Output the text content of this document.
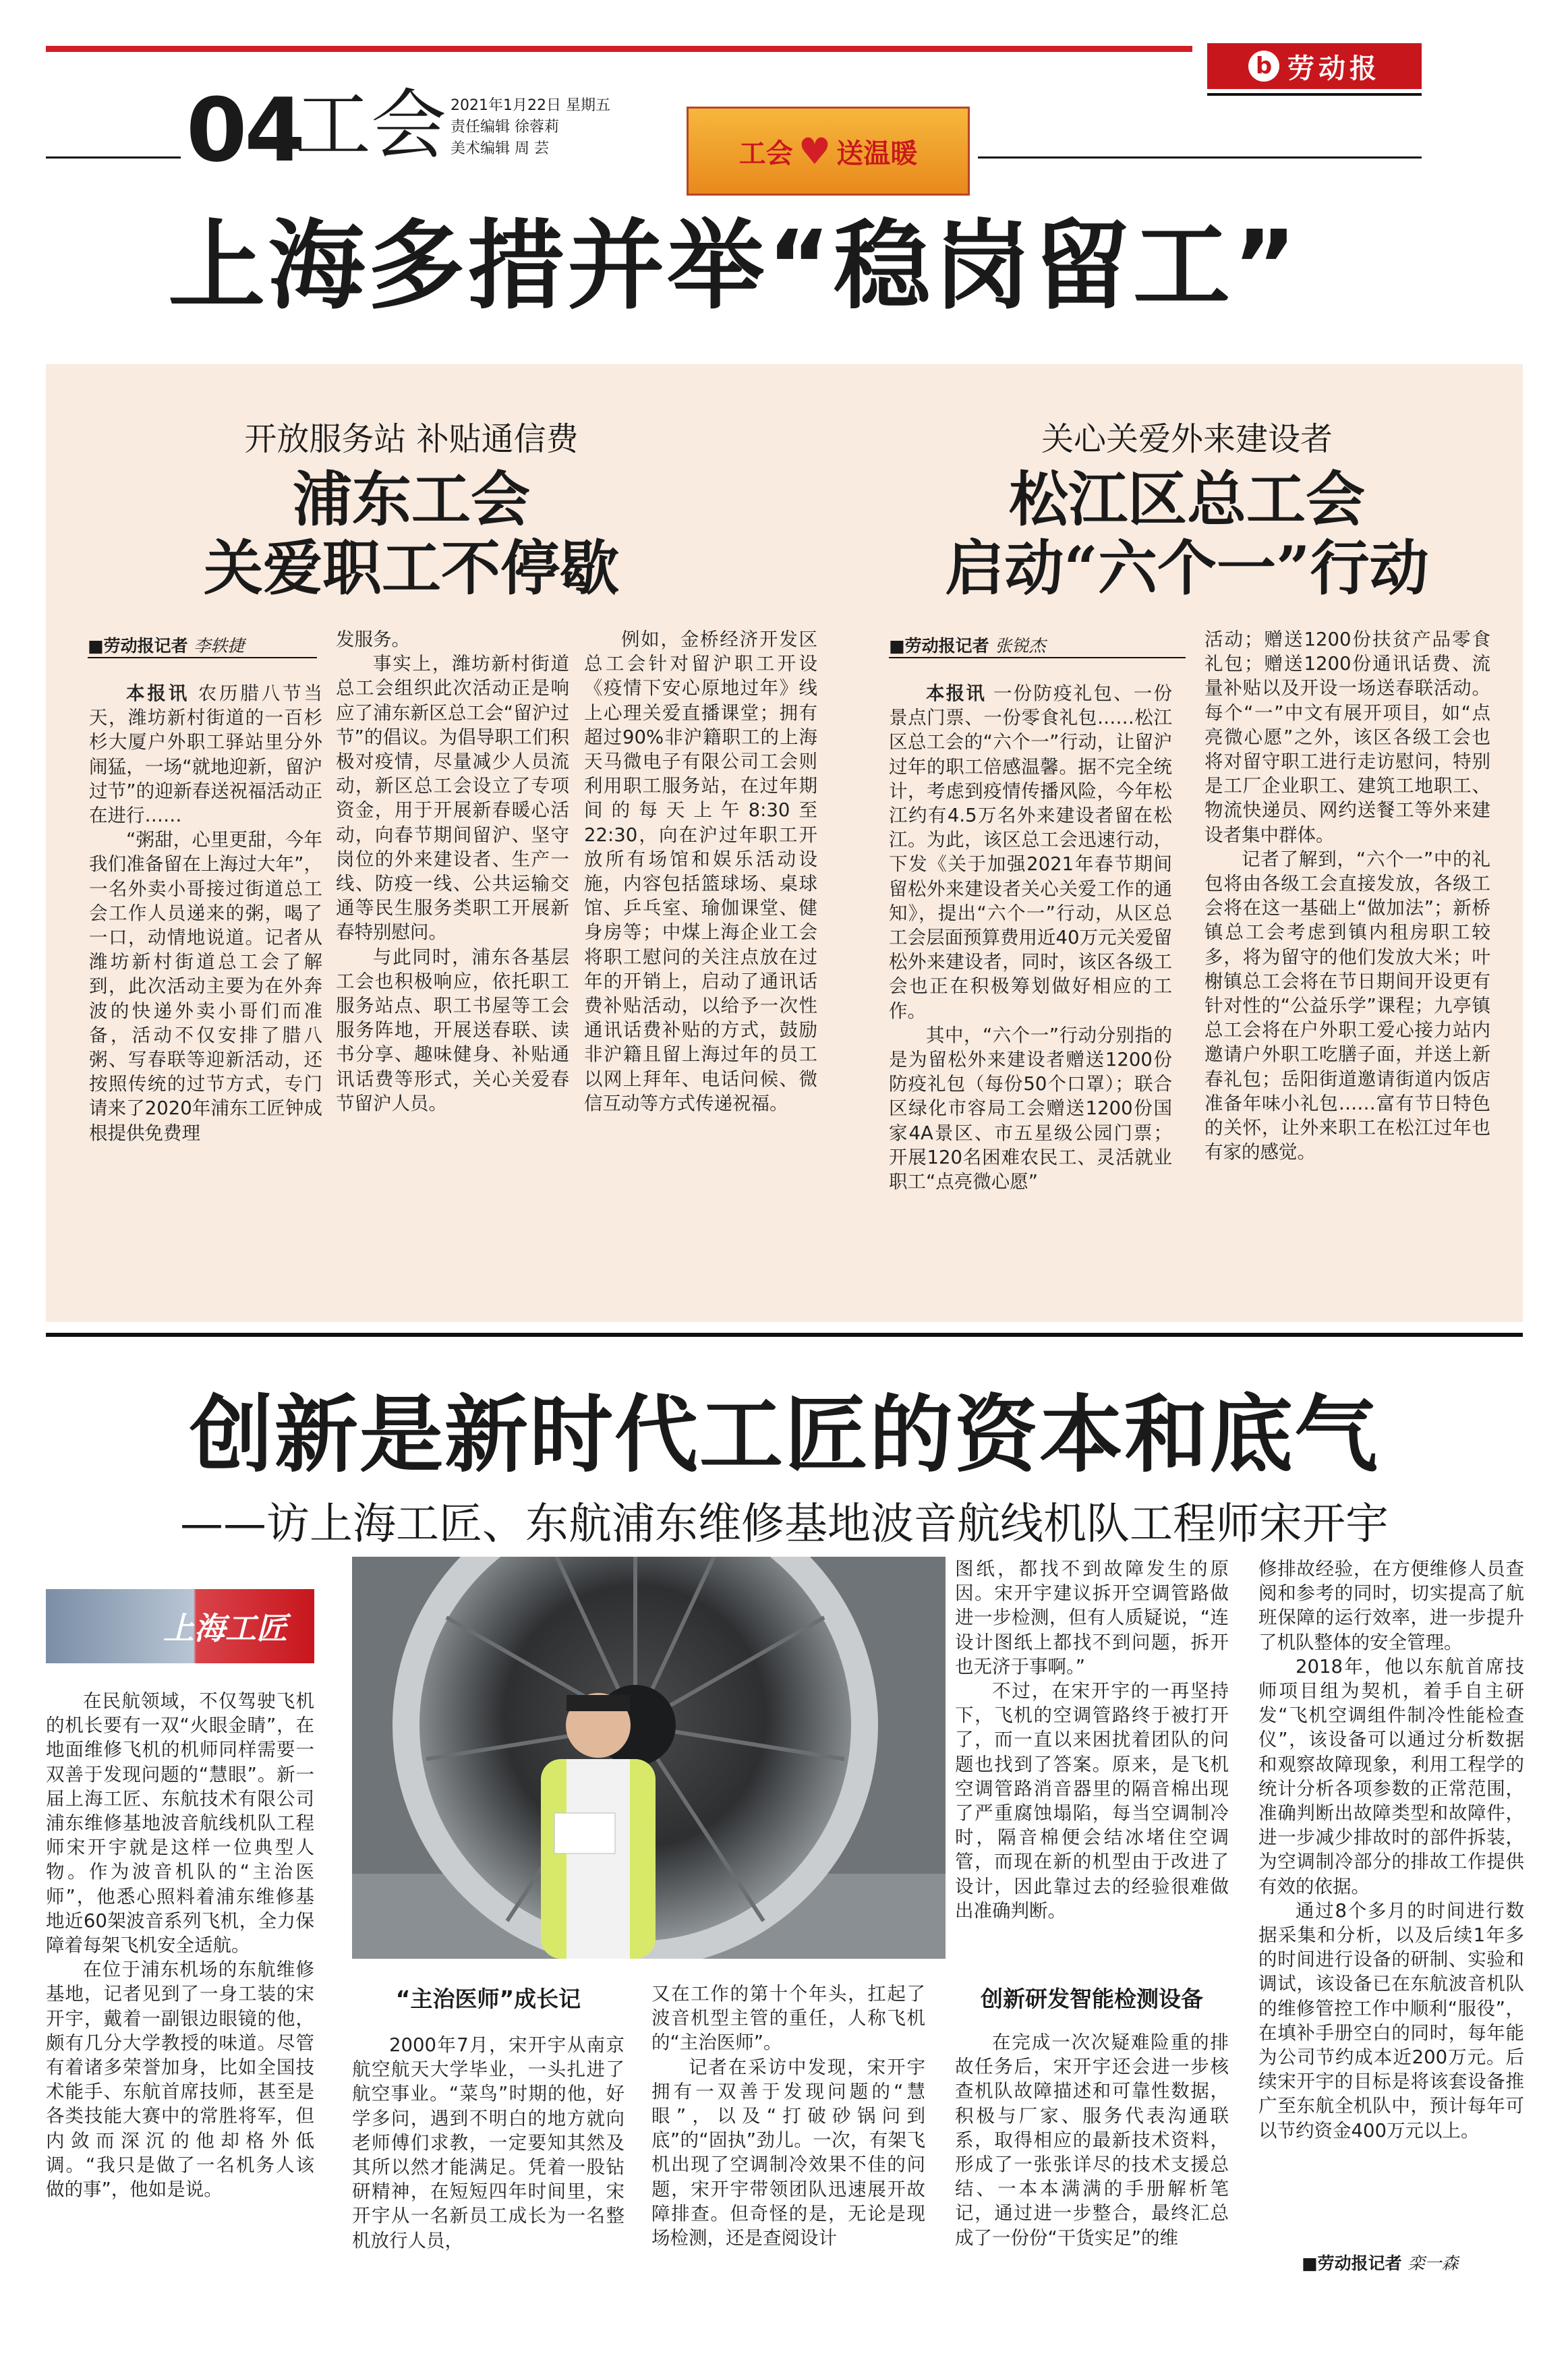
b 劳动报
04
工会 2021年1月22日 星期五
责任编辑 徐蓉莉
美术编辑 周 芸	工会 ♥ 送温暖
上海多措并举“稳岗留工”
开放服务站 补贴通信费
浦东工会
关爱职工不停歇
■劳动报记者 李轶捷

本报讯 农历腊八节当天，潍坊新村街道的一百杉杉大厦户外职工驿站里分外闹猛，一场“就地迎新，留沪过节”的迎新春送祝福活动正在进行……

“粥甜，心里更甜，今年我们准备留在上海过大年”，一名外卖小哥接过街道总工会工作人员递来的粥，喝了一口，动情地说道。记者从潍坊新村街道总工会了解到，此次活动主要为在外奔波的快递外卖小哥们而准备，活动不仅安排了腊八粥、写春联等迎新活动，还按照传统的过节方式，专门请来了2020年浦东工匠钟成根提供免费理

发服务。

事实上，潍坊新村街道总工会组织此次活动正是响应了浦东新区总工会“留沪过节”的倡议。为倡导职工们积极对疫情，尽量减少人员流动，新区总工会设立了专项资金，用于开展新春暖心活动，向春节期间留沪、坚守岗位的外来建设者、生产一线、防疫一线、公共运输交通等民生服务类职工开展新春特别慰问。

与此同时，浦东各基层工会也积极响应，依托职工服务站点、职工书屋等工会服务阵地，开展送春联、读书分享、趣味健身、补贴通讯话费等形式，关心关爱春节留沪人员。

例如，金桥经济开发区总工会针对留沪职工开设《疫情下安心原地过年》线上心理关爱直播课堂；拥有超过90%非沪籍职工的上海天马微电子有限公司工会则利用职工服务站，在过年期间的每天上午8:30至22:30，向在沪过年职工开放所有场馆和娱乐活动设施，内容包括篮球场、桌球馆、乒乓室、瑜伽课堂、健身房等；中煤上海企业工会将职工慰问的关注点放在过年的开销上，启动了通讯话费补贴活动，以给予一次性通讯话费补贴的方式，鼓励非沪籍且留上海过年的员工以网上拜年、电话问候、微信互动等方式传递祝福。

关心关爱外来建设者
松江区总工会
启动“六个一”行动
■劳动报记者 张锐杰

本报讯 一份防疫礼包、一份景点门票、一份零食礼包……松江区总工会的“六个一”行动，让留沪过年的职工倍感温馨。据不完全统计，考虑到疫情传播风险，今年松江约有4.5万名外来建设者留在松江。为此，该区总工会迅速行动，下发《关于加强2021年春节期间留松外来建设者关心关爱工作的通知》，提出“六个一”行动，从区总工会层面预算费用近40万元关爱留松外来建设者，同时，该区各级工会也正在积极筹划做好相应的工作。

其中，“六个一”行动分别指的是为留松外来建设者赠送1200份防疫礼包（每份50个口罩）；联合区绿化市容局工会赠送1200份国家4A景区、市五星级公园门票；开展120名困难农民工、灵活就业职工“点亮微心愿”

活动；赠送1200份扶贫产品零食礼包；赠送1200份通讯话费、流量补贴以及开设一场送春联活动。每个“一”中文有展开项目，如“点亮微心愿”之外，该区各级工会也将对留守职工进行走访慰问，特别是工厂企业职工、建筑工地职工、物流快递员、网约送餐工等外来建设者集中群体。

记者了解到，“六个一”中的礼包将由各级工会直接发放，各级工会将在这一基础上“做加法”；新桥镇总工会考虑到镇内租房职工较多，将为留守的他们发放大米；叶榭镇总工会将在节日期间开设更有针对性的“公益乐学”课程；九亭镇总工会将在户外职工爱心接力站内邀请户外职工吃膳子面，并送上新春礼包；岳阳街道邀请街道内饭店准备年味小礼包……富有节日特色的关怀，让外来职工在松江过年也有家的感觉。

创新是新时代工匠的资本和底气
——访上海工匠、东航浦东维修基地波音航线机队工程师宋开宇
上海工匠

在民航领域，不仅驾驶飞机的机长要有一双“火眼金睛”，在地面维修飞机的机师同样需要一双善于发现问题的“慧眼”。新一届上海工匠、东航技术有限公司浦东维修基地波音航线机队工程师宋开宇就是这样一位典型人物。作为波音机队的“主治医师”，他悉心照料着浦东维修基地近60架波音系列飞机，全力保障着每架飞机安全适航。

在位于浦东机场的东航维修基地，记者见到了一身工装的宋开宇，戴着一副银边眼镜的他，颇有几分大学教授的味道。尽管有着诸多荣誉加身，比如全国技术能手、东航首席技师，甚至是各类技能大赛中的常胜将军，但内敛而深沉的他却格外低调。“我只是做了一名机务人该做的事”，他如是说。

“主治医师”成长记

2000年7月，宋开宇从南京航空航天大学毕业，一头扎进了航空事业。“菜鸟”时期的他，好学多问，遇到不明白的地方就向老师傅们求教，一定要知其然及其所以然才能满足。凭着一股钻研精神，在短短四年时间里，宋开宇从一名新员工成长为一名整机放行人员，

又在工作的第十个年头，扛起了波音机型主管的重任，人称飞机的“主治医师”。

记者在采访中发现，宋开宇拥有一双善于发现问题的“慧眼”，以及“打破砂锅问到底”的“固执”劲儿。一次，有架飞机出现了空调制冷效果不佳的问题，宋开宇带领团队迅速展开故障排查。但奇怪的是，无论是现场检测，还是查阅设计

图纸，都找不到故障发生的原因。宋开宇建议拆开空调管路做进一步检测，但有人质疑说，“连设计图纸上都找不到问题，拆开也无济于事啊。”

不过，在宋开宇的一再坚持下，飞机的空调管路终于被打开了，而一直以来困扰着团队的问题也找到了答案。原来，是飞机空调管路消音器里的隔音棉出现了严重腐蚀塌陷，每当空调制冷时，隔音棉便会结冰堵住空调管，而现在新的机型由于改进了设计，因此靠过去的经验很难做出准确判断。

创新研发智能检测设备

在完成一次次疑难险重的排故任务后，宋开宇还会进一步核查机队故障描述和可靠性数据，积极与厂家、服务代表沟通联系，取得相应的最新技术资料，形成了一张张详尽的技术支援总结、一本本满满的手册解析笔记，通过进一步整合，最终汇总成了一份份“干货实足”的维

修排故经验，在方便维修人员查阅和参考的同时，切实提高了航班保障的运行效率，进一步提升了机队整体的安全管理。

2018年，他以东航首席技师项目组为契机，着手自主研发“飞机空调组件制冷性能检查仪”，该设备可以通过分析数据和观察故障现象，利用工程学的统计分析各项参数的正常范围，准确判断出故障类型和故障件，进一步减少排故时的部件拆装，为空调制冷部分的排故工作提供有效的依据。

通过8个多月的时间进行数据采集和分析，以及后续1年多的时间进行设备的研制、实验和调试，该设备已在东航波音机队的维修管控工作中顺利“服役”，在填补手册空白的同时，每年能为公司节约成本近200万元。后续宋开宇的目标是将该套设备推广至东航全机队中，预计每年可以节约资金400万元以上。

■劳动报记者 栾一森
